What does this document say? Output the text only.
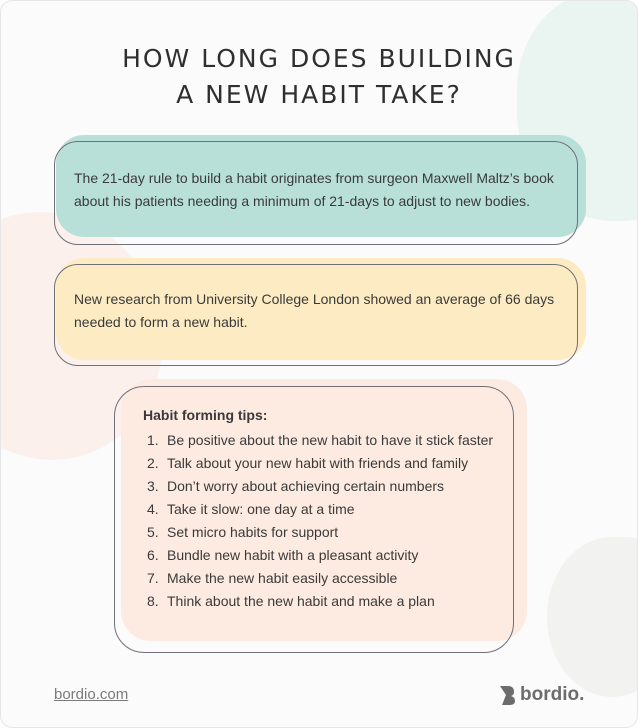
HOW LONG DOES BUILDING
A NEW HABIT TAKE?
The 21-day rule to build a habit originates from surgeon Maxwell Maltz’s book about his patients needing a minimum of 21-days to adjust to new bodies.
New research from University College London showed an average of 66 days needed to form a new habit.
Habit forming tips:
1. Be positive about the new habit to have it stick faster
2. Talk about your new habit with friends and family
3. Don’t worry about achieving certain numbers
4. Take it slow: one day at a time
5. Set micro habits for support
6. Bundle new habit with a pleasant activity
7. Make the new habit easily accessible
8. Think about the new habit and make a plan
bordio.com	bordio.
